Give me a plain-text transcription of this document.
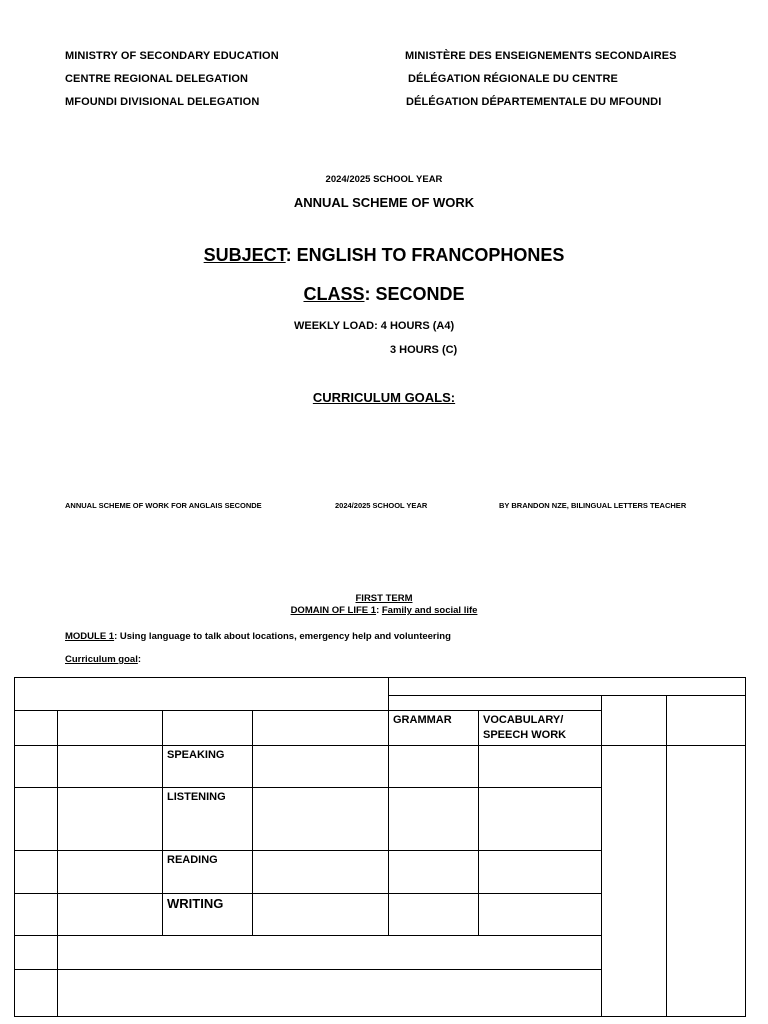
MINISTRY OF SECONDARY EDUCATION
CENTRE REGIONAL DELEGATION
MFOUNDI DIVISIONAL DELEGATION
MINISTÈRE DES ENSEIGNEMENTS SECONDAIRES
DÉLÉGATION RÉGIONALE DU CENTRE
DÉLÉGATION DÉPARTEMENTALE DU MFOUNDI
2024/2025 SCHOOL YEAR
ANNUAL SCHEME OF WORK
SUBJECT: ENGLISH TO FRANCOPHONES
CLASS: SECONDE
WEEKLY LOAD: 4 HOURS (A4)
3 HOURS (C)
CURRICULUM GOALS:
ANNUAL SCHEME OF WORK FOR ANGLAIS SECONDE	2024/2025 SCHOOL YEAR	BY BRANDON NZE, BILINGUAL LETTERS TEACHER
FIRST TERM
DOMAIN OF LIFE 1: Family and social life
MODULE 1: Using language to talk about locations, emergency help and volunteering
Curriculum goal:

				GRAMMAR	VOCABULARY/ SPEECH WORK		
		SPEAKING					
		LISTENING					
		READING					
		WRITING					
